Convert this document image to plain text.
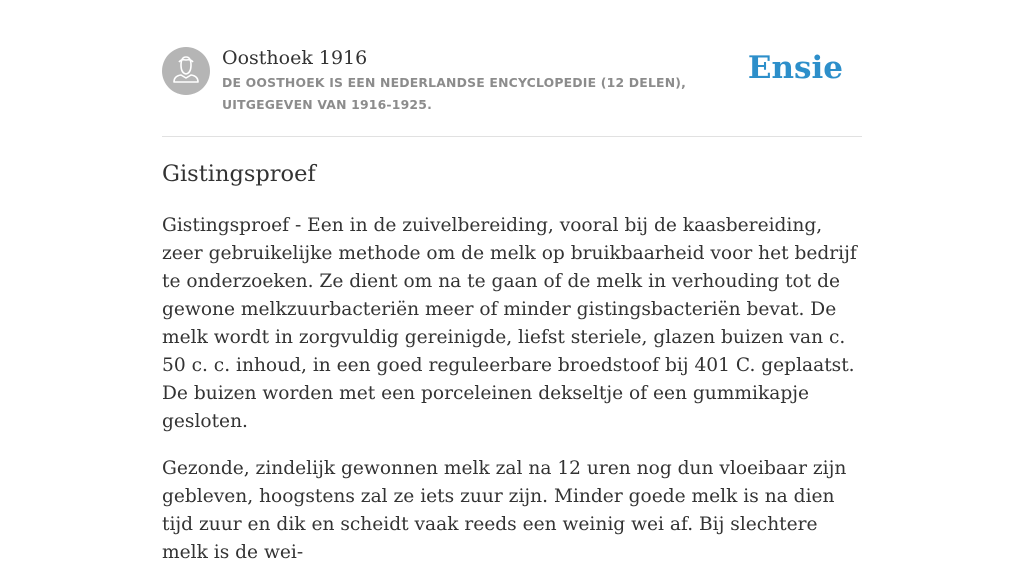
Oosthoek 1916
DE OOSTHOEK IS EEN NEDERLANDSE ENCYCLOPEDIE (12 DELEN), UITGEGEVEN VAN 1916-1925.
Ensie
Gistingsproef

Gistingsproef - Een in de zuivelbereiding, vooral bij de kaasbereiding, zeer gebruikelijke methode om de melk op bruikbaarheid voor het bedrijf te onderzoeken. Ze dient om na te gaan of de melk in verhouding tot de gewone melkzuurbacteriën meer of minder gistingsbacteriën bevat. De melk wordt in zorgvuldig gereinigde, liefst steriele, glazen buizen van c. 50 c. c. inhoud, in een goed reguleerbare broedstoof bij 401 C. geplaatst. De buizen worden met een porceleinen dekseltje of een gummikapje gesloten.

Gezonde, zindelijk gewonnen melk zal na 12 uren nog dun vloeibaar zijn gebleven, hoogstens zal ze iets zuur zijn. Minder goede melk is na dien tijd zuur en dik en scheidt vaak reeds een weinig wei af. Bij slechtere melk is de wei-
